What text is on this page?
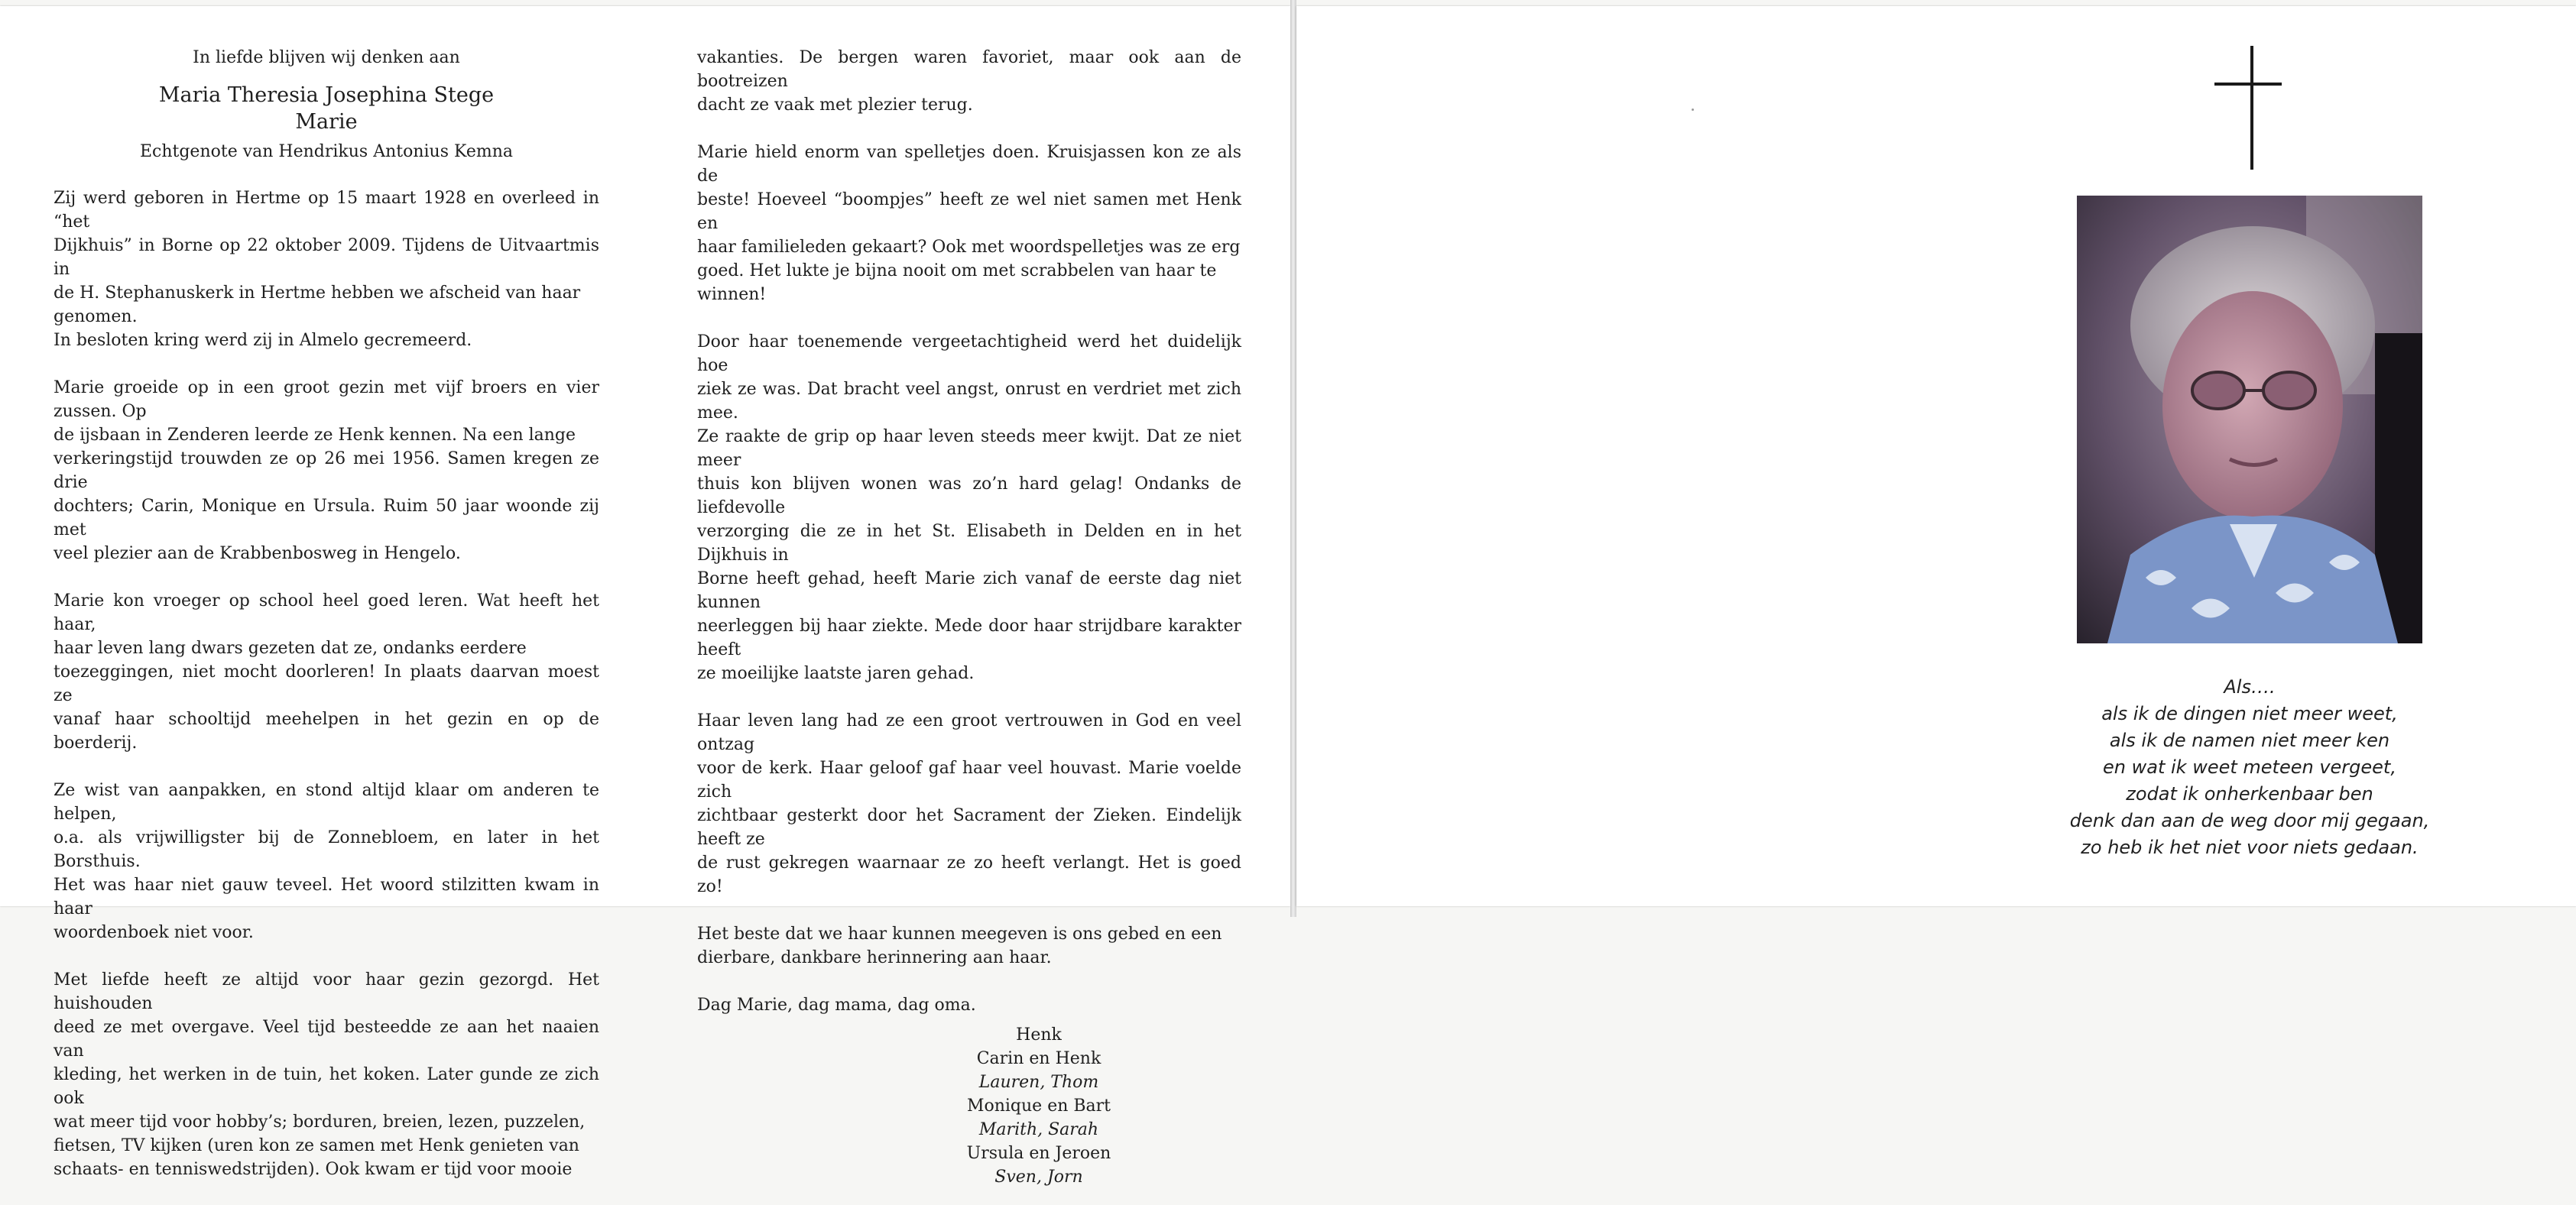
In liefde blijven wij denken aan
Maria Theresia Josephina Stege
Marie
Echtgenote van Hendrikus Antonius Kemna

Zij werd geboren in Hertme op 15 maart 1928 en overleed in “het
Dijkhuis” in Borne op 22 oktober 2009. Tijdens de Uitvaartmis in
de H. Stephanuskerk in Hertme hebben we afscheid van haar
genomen.
In besloten kring werd zij in Almelo gecremeerd.

Marie groeide op in een groot gezin met vijf broers en vier zussen. Op
de ijsbaan in Zenderen leerde ze Henk kennen. Na een lange
verkeringstijd trouwden ze op 26 mei 1956. Samen kregen ze drie
dochters; Carin, Monique en Ursula. Ruim 50 jaar woonde zij met
veel plezier aan de Krabbenbosweg in Hengelo.

Marie kon vroeger op school heel goed leren. Wat heeft het haar,
haar leven lang dwars gezeten dat ze, ondanks eerdere
toezeggingen, niet mocht doorleren! In plaats daarvan moest ze
vanaf haar schooltijd meehelpen in het gezin en op de boerderij.

Ze wist van aanpakken, en stond altijd klaar om anderen te helpen,
o.a. als vrijwilligster bij de Zonnebloem, en later in het Borsthuis.
Het was haar niet gauw teveel. Het woord stilzitten kwam in haar
woordenboek niet voor.

Met liefde heeft ze altijd voor haar gezin gezorgd. Het huishouden
deed ze met overgave. Veel tijd besteedde ze aan het naaien van
kleding, het werken in de tuin, het koken. Later gunde ze zich ook
wat meer tijd voor hobby’s; borduren, breien, lezen, puzzelen,
fietsen, TV kijken (uren kon ze samen met Henk genieten van
schaats- en tenniswedstrijden). Ook kwam er tijd voor mooie

vakanties. De bergen waren favoriet, maar ook aan de bootreizen
dacht ze vaak met plezier terug.

Marie hield enorm van spelletjes doen. Kruisjassen kon ze als de
beste! Hoeveel “boompjes” heeft ze wel niet samen met Henk en
haar familieleden gekaart? Ook met woordspelletjes was ze erg
goed. Het lukte je bijna nooit om met scrabbelen van haar te
winnen!

Door haar toenemende vergeetachtigheid werd het duidelijk hoe
ziek ze was. Dat bracht veel angst, onrust en verdriet met zich mee.
Ze raakte de grip op haar leven steeds meer kwijt. Dat ze niet meer
thuis kon blijven wonen was zo’n hard gelag! Ondanks de liefdevolle
verzorging die ze in het St. Elisabeth in Delden en in het Dijkhuis in
Borne heeft gehad, heeft Marie zich vanaf de eerste dag niet kunnen
neerleggen bij haar ziekte. Mede door haar strijdbare karakter heeft
ze moeilijke laatste jaren gehad.

Haar leven lang had ze een groot vertrouwen in God en veel ontzag
voor de kerk. Haar geloof gaf haar veel houvast. Marie voelde zich
zichtbaar gesterkt door het Sacrament der Zieken. Eindelijk heeft ze
de rust gekregen waarnaar ze zo heeft verlangt. Het is goed zo!

Het beste dat we haar kunnen meegeven is ons gebed en een
dierbare, dankbare herinnering aan haar.

Dag Marie, dag mama, dag oma.
Henk
Carin en Henk
Lauren, Thom
Monique en Bart
Marith, Sarah
Ursula en Jeroen
Sven, Jorn
Als….
als ik de dingen niet meer weet,
als ik de namen niet meer ken
en wat ik weet meteen vergeet,
zodat ik onherkenbaar ben
denk dan aan de weg door mij gegaan,
zo heb ik het niet voor niets gedaan.
